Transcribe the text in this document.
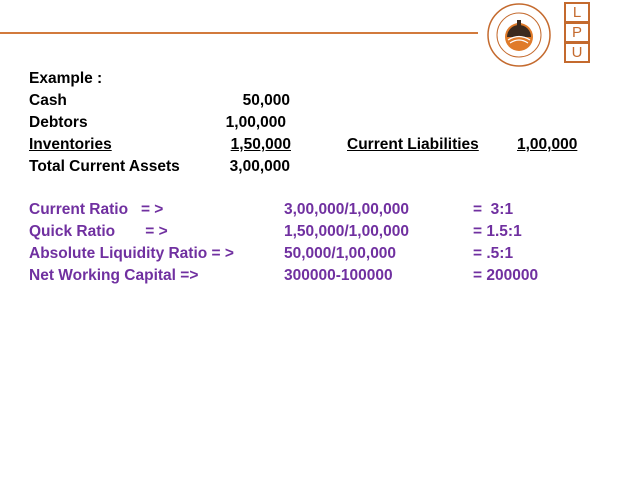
L
P
U
Example :
Cash	50,000
Debtors	1,00,000
Inventories	1,50,000	Current Liabilities 1,00,000
Total Current Assets	3,00,000
Current Ratio   = >	3,00,000/1,00,000	=  3:1
Quick Ratio       = >	1,50,000/1,00,000	= 1.5:1
Absolute Liquidity Ratio = >	50,000/1,00,000	= .5:1
Net Working Capital =>	300000-100000	= 200000
